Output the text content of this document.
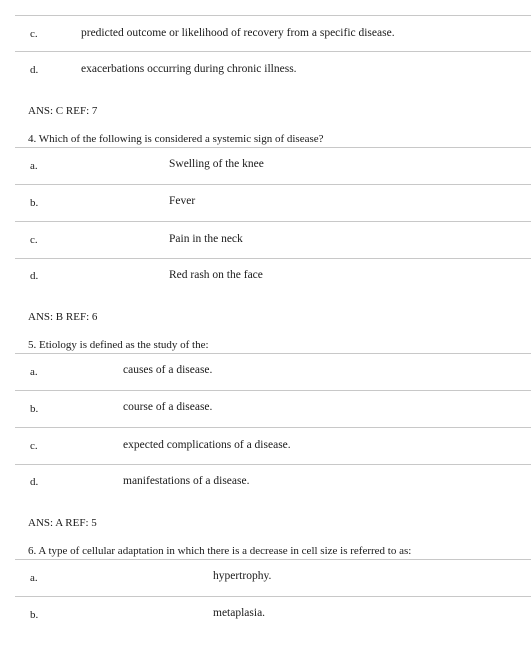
c.	predicted outcome or likelihood of recovery from a specific disease.
d.	exacerbations occurring during chronic illness.
ANS: C REF: 7
4. Which of the following is considered a systemic sign of disease?
a.	Swelling of the knee
b.	Fever
c.	Pain in the neck
d.	Red rash on the face
ANS: B REF: 6
5. Etiology is defined as the study of the:
a.	causes of a disease.
b.	course of a disease.
c.	expected complications of a disease.
d.	manifestations of a disease.
ANS: A REF: 5
6. A type of cellular adaptation in which there is a decrease in cell size is referred to as:
a.	hypertrophy.
b.	metaplasia.
